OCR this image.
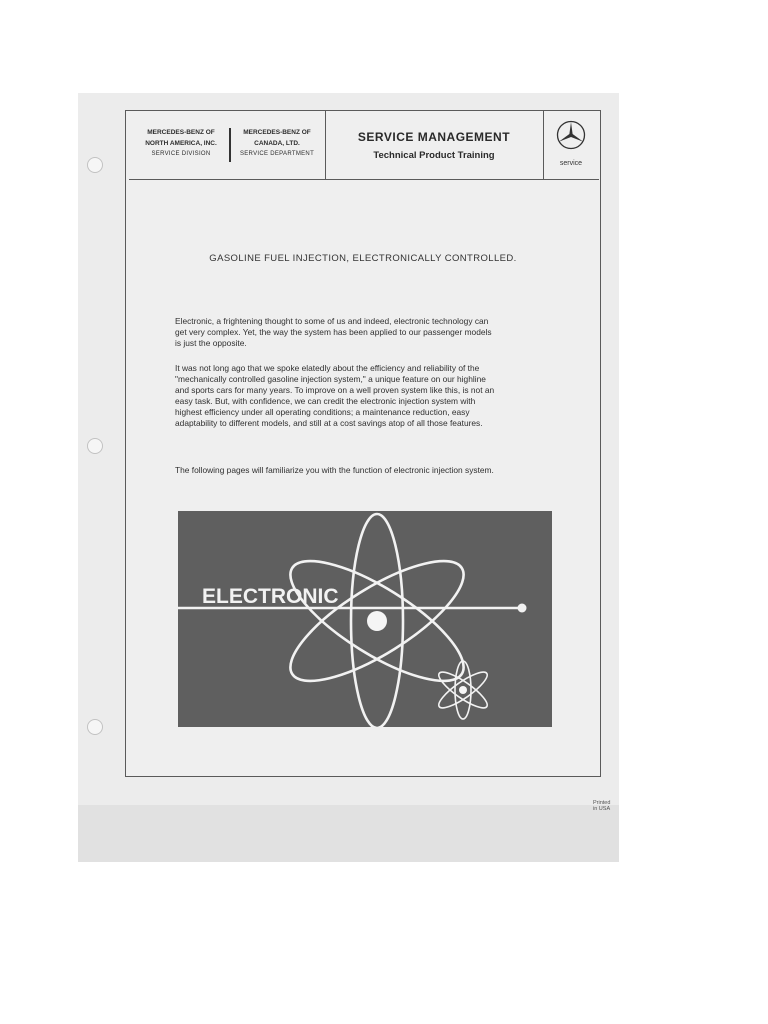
MERCEDES-BENZ OF
NORTH AMERICA, INC.
SERVICE DIVISION
MERCEDES-BENZ OF
CANADA, LTD.
SERVICE DEPARTMENT
SERVICE MANAGEMENT
Technical Product Training
service
GASOLINE FUEL INJECTION, ELECTRONICALLY CONTROLLED.

Electronic, a frightening thought to some of us and indeed, electronic technology can get very complex. Yet, the way the system has been applied to our passenger models is just the opposite.

It was not long ago that we spoke elatedly about the efficiency and reliability of the "mechanically controlled gasoline injection system," a unique feature on our highline and sports cars for many years. To improve on a well proven system like this, is not an easy task. But, with confidence, we can credit the electronic injection system with highest efficiency under all operating conditions; a maintenance reduction, easy adaptability to different models, and still at a cost savings atop of all those features.

The following pages will familiarize you with the function of electronic injection system.

ELECTRONIC
Printed in USA
